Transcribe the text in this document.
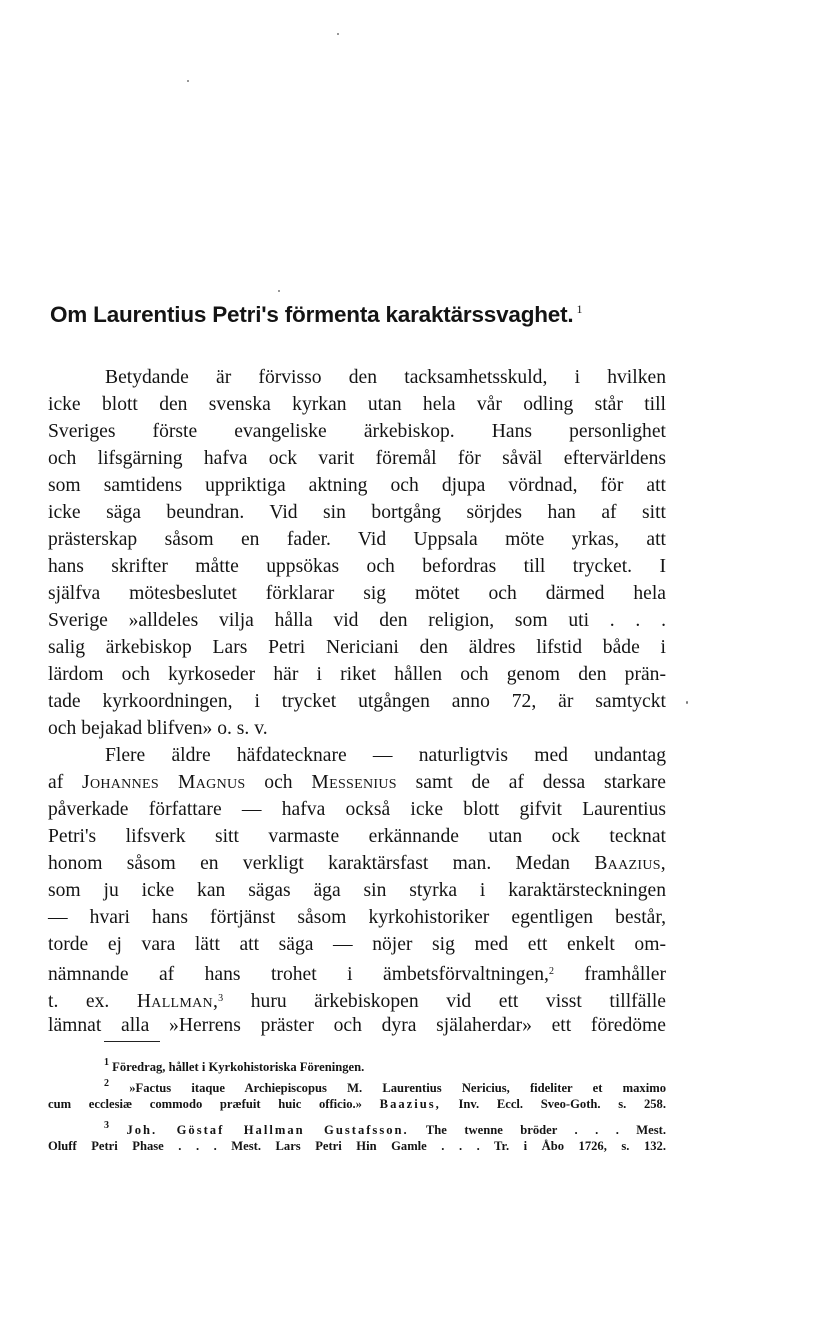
Om Laurentius Petri's förmenta karaktärssvaghet. $^1$
Betydande är förvisso den tacksamhetsskuld, i hvilken
icke blott den svenska kyrkan utan hela vår odling står till
Sveriges förste evangeliske ärkebiskop. Hans personlighet
och lifsgärning hafva ock varit föremål för såväl eftervärldens
som samtidens uppriktiga aktning och djupa vördnad, för att
icke säga beundran. Vid sin bortgång sörjdes han af sitt
prästerskap såsom en fader. Vid Uppsala möte yrkas, att
hans skrifter måtte uppsökas och befordras till trycket. I
själfva mötesbeslutet förklarar sig mötet och därmed hela
Sverige »alldeles vilja hålla vid den religion, som uti . . .
salig ärkebiskop Lars Petri Nericiani den äldres lifstid både i
lärdom och kyrkoseder här i riket hållen och genom den prän-
tade kyrkoordningen, i trycket utgången anno 72, är samtyckt
och bejakad blifven» o. s. v.
Flere äldre häfdatecknare — naturligtvis med undantag
af Johannes Magnus och Messenius samt de af dessa starkare
påverkade författare — hafva också icke blott gifvit Laurentius
Petri's lifsverk sitt varmaste erkännande utan ock tecknat
honom såsom en verkligt karaktärsfast man. Medan Baazius,
som ju icke kan sägas äga sin styrka i karaktärsteckningen
— hvari hans förtjänst såsom kyrkohistoriker egentligen består,
torde ej vara lätt att säga — nöjer sig med ett enkelt om-
nämnande af hans trohet i ämbetsförvaltningen,$^2$ framhåller
t. ex. Hallman,$^3$ huru ärkebiskopen vid ett visst tillfälle
lämnat alla »Herrens präster och dyra själaherdar» ett föredöme
$^1$ Föredrag, hållet i Kyrkohistoriska Föreningen.
$^2$ »Factus itaque Archiepiscopus M. Laurentius Nericius, fideliter et maximo
cum ecclesiæ commodo præfuit huic officio.» Baazius, Inv. Eccl. Sveo-Goth. s. 258.
$^3$ Joh. Göstaf Hallman Gustafsson. The twenne bröder . . . Mest.
Oluff Petri Phase . . . Mest. Lars Petri Hin Gamle . . . Tr. i Åbo 1726, s. 132.
